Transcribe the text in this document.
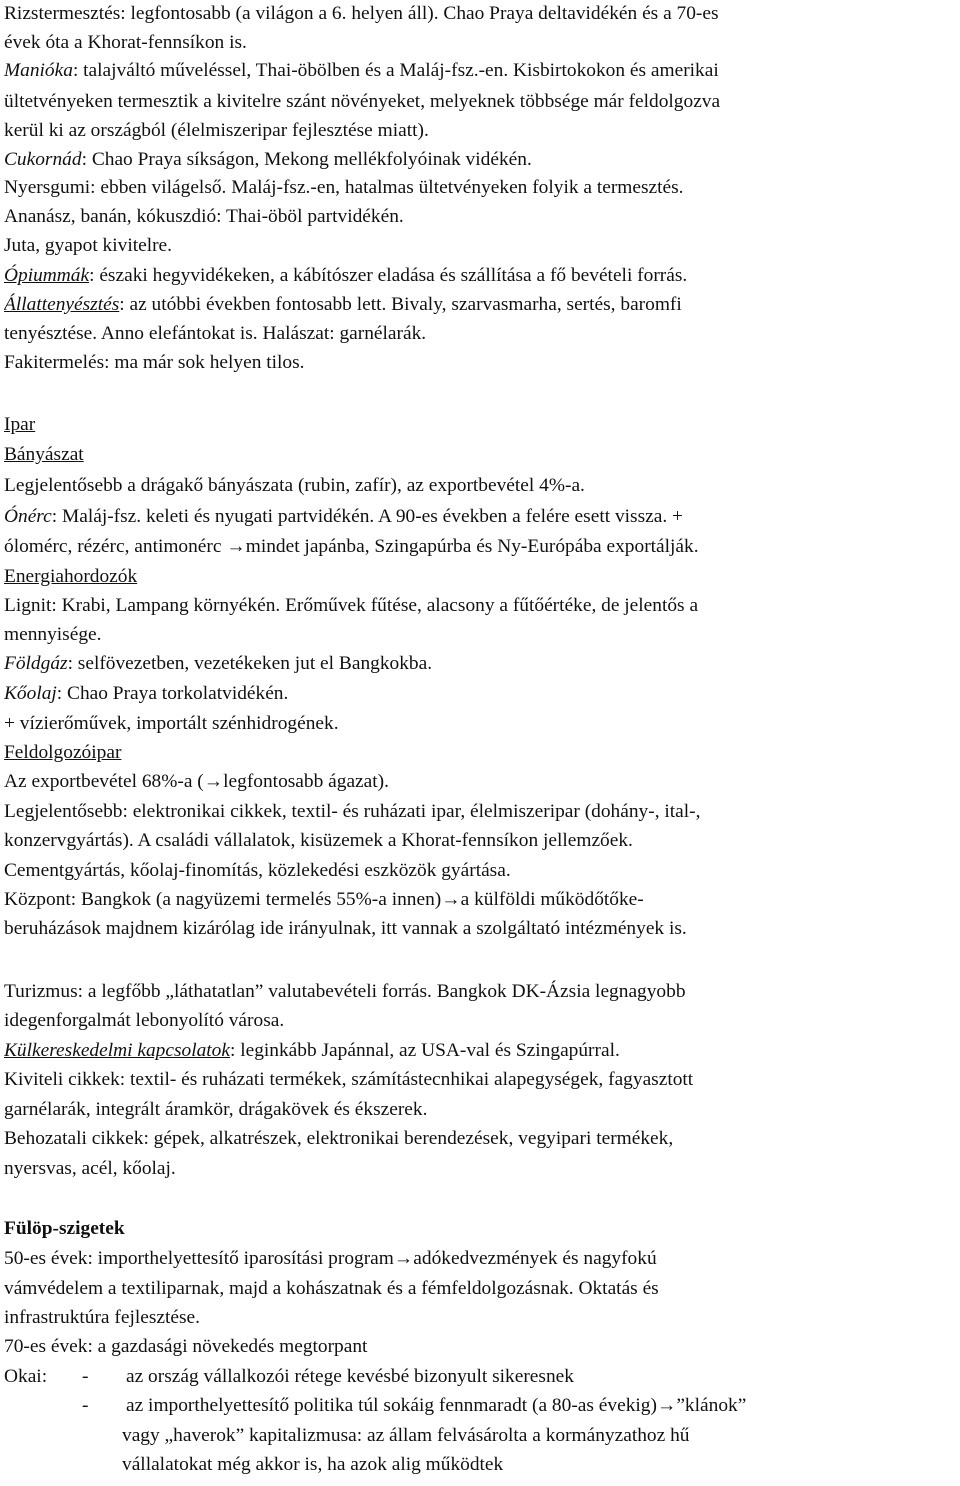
Rizstermesztés: legfontosabb (a világon a 6. helyen áll). Chao Praya deltavidékén és a 70-es
évek óta a Khorat-fennsíkon is.
Manióka: talajváltó műveléssel, Thai-öbölben és a Maláj-fsz.-en. Kisbirtokokon és amerikai
ültetvényeken termesztik a kivitelre szánt növényeket, melyeknek többsége már feldolgozva
kerül ki az országból (élelmiszeripar fejlesztése miatt).
Cukornád: Chao Praya síkságon, Mekong mellékfolyóinak vidékén.
Nyersgumi: ebben világelső. Maláj-fsz.-en, hatalmas ültetvényeken folyik a termesztés.
Ananász, banán, kókuszdió: Thai-öböl partvidékén.
Juta, gyapot kivitelre.
Ópiummák: északi hegyvidékeken, a kábítószer eladása és szállítása a fő bevételi forrás.
Állattenyésztés: az utóbbi években fontosabb lett. Bivaly, szarvasmarha, sertés, baromfi
tenyésztése. Anno elefántokat is. Halászat: garnélarák.
Fakitermelés: ma már sok helyen tilos.
Ipar
Bányászat
Legjelentősebb a drágakő bányászata (rubin, zafír), az exportbevétel 4%-a.
Ónérc: Maláj-fsz. keleti és nyugati partvidékén. A 90-es években a felére esett vissza. +
ólomérc, rézérc, antimonérc →mindet japánba, Szingapúrba és Ny-Európába exportálják.
Energiahordozók
Lignit: Krabi, Lampang környékén. Erőművek fűtése, alacsony a fűtőértéke, de jelentős a
mennyisége.
Földgáz: selfövezetben, vezetékeken jut el Bangkokba.
Kőolaj: Chao Praya torkolatvidékén.
+ vízierőművek, importált szénhidrogének.
Feldolgozóipar
Az exportbevétel 68%-a (→legfontosabb ágazat).
Legjelentősebb: elektronikai cikkek, textil- és ruházati ipar, élelmiszeripar (dohány-, ital-,
konzervgyártás). A családi vállalatok, kisüzemek a Khorat-fennsíkon jellemzőek.
Cementgyártás, kőolaj-finomítás, közlekedési eszközök gyártása.
Központ: Bangkok (a nagyüzemi termelés 55%-a innen)→a külföldi működőtőke-
beruházások majdnem kizárólag ide irányulnak, itt vannak a szolgáltató intézmények is.
Turizmus: a legfőbb „láthatatlan” valutabevételi forrás. Bangkok DK-Ázsia legnagyobb
idegenforgalmát lebonyolító városa.
Külkereskedelmi kapcsolatok: leginkább Japánnal, az USA-val és Szingapúrral.
Kiviteli cikkek: textil- és ruházati termékek, számítástecnhikai alapegységek, fagyasztott
garnélarák, integrált áramkör, drágakövek és ékszerek.
Behozatali cikkek: gépek, alkatrészek, elektronikai berendezések, vegyipari termékek,
nyersvas, acél, kőolaj.
Fülöp-szigetek
50-es évek: importhelyettesítő iparosítási program→adókedvezmények és nagyfokú
vámvédelem a textiliparnak, majd a kohászatnak és a fémfeldolgozásnak. Oktatás és
infrastruktúra fejlesztése.
70-es évek: a gazdasági növekedés megtorpant
Okai: - az ország vállalkozói rétege kevésbé bizonyult sikeresnek
- az importhelyettesítő politika túl sokáig fennmaradt (a 80-as évekig)→”klánok”
vagy „haverok” kapitalizmusa: az állam felvásárolta a kormányzathoz hű
vállalatokat még akkor is, ha azok alig működtek
